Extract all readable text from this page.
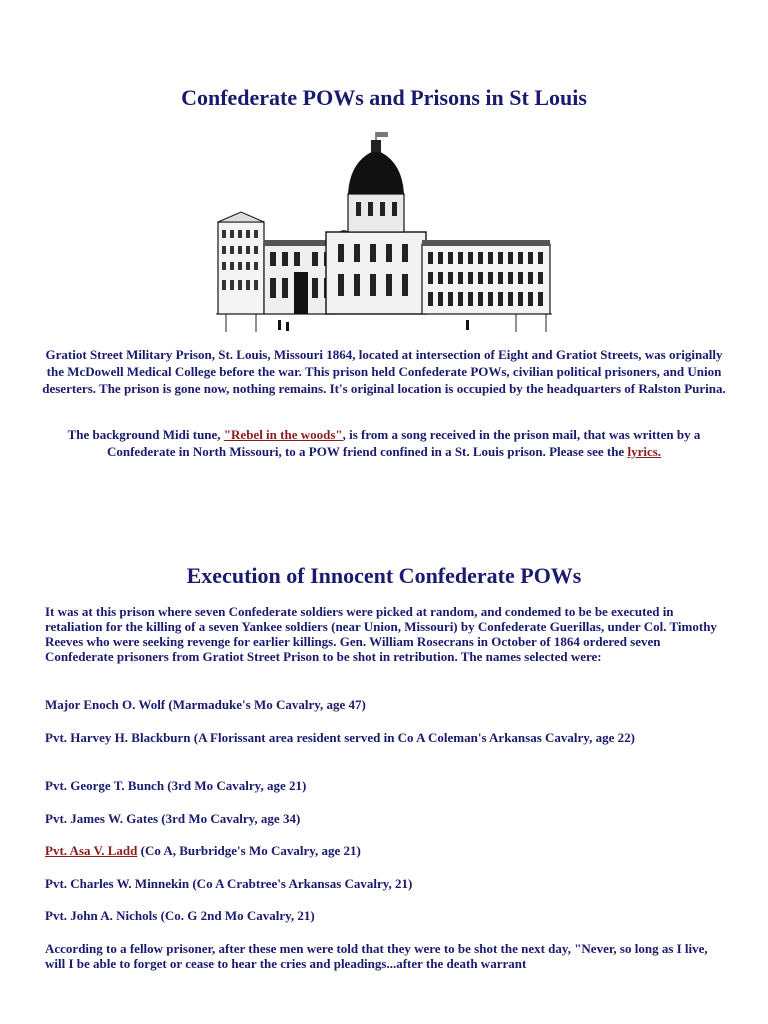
Confederate POWs and Prisons in St Louis
Gratiot Street Military Prison, St. Louis, Missouri 1864, located at intersection of Eight and Gratiot Streets, was originally the McDowell Medical College before the war. This prison held Confederate POWs, civilian political prisoners, and Union deserters. The prison is gone now, nothing remains. It's original location is occupied by the headquarters of Ralston Purina.
The background Midi tune, "Rebel in the woods", is from a song received in the prison mail, that was written by a Confederate in North Missouri, to a POW friend confined in a St. Louis prison. Please see the lyrics.
Execution of Innocent Confederate POWs
It was at this prison where seven Confederate soldiers were picked at random, and condemed to be be executed in retaliation for the killing of a seven Yankee soldiers (near Union, Missouri) by Confederate Guerillas, under Col. Timothy Reeves who were seeking revenge for earlier killings. Gen. William Rosecrans in October of 1864 ordered seven Confederate prisoners from Gratiot Street Prison to be shot in retribution. The names selected were:
Major Enoch O. Wolf (Marmaduke's Mo Cavalry, age 47)
Pvt. Harvey H. Blackburn (A Florissant area resident served in Co A Coleman's Arkansas Cavalry, age 22)
Pvt. George T. Bunch (3rd Mo Cavalry, age 21)
Pvt. James W. Gates (3rd Mo Cavalry, age 34)
Pvt. Asa V. Ladd (Co A, Burbridge's Mo Cavalry, age 21)
Pvt. Charles W. Minnekin (Co A Crabtree's Arkansas Cavalry, 21)
Pvt. John A. Nichols (Co. G 2nd Mo Cavalry, 21)
According to a fellow prisoner, after these men were told that they were to be shot the next day, "Never, so long as I live, will I be able to forget or cease to hear the cries and pleadings...after the death warrant
